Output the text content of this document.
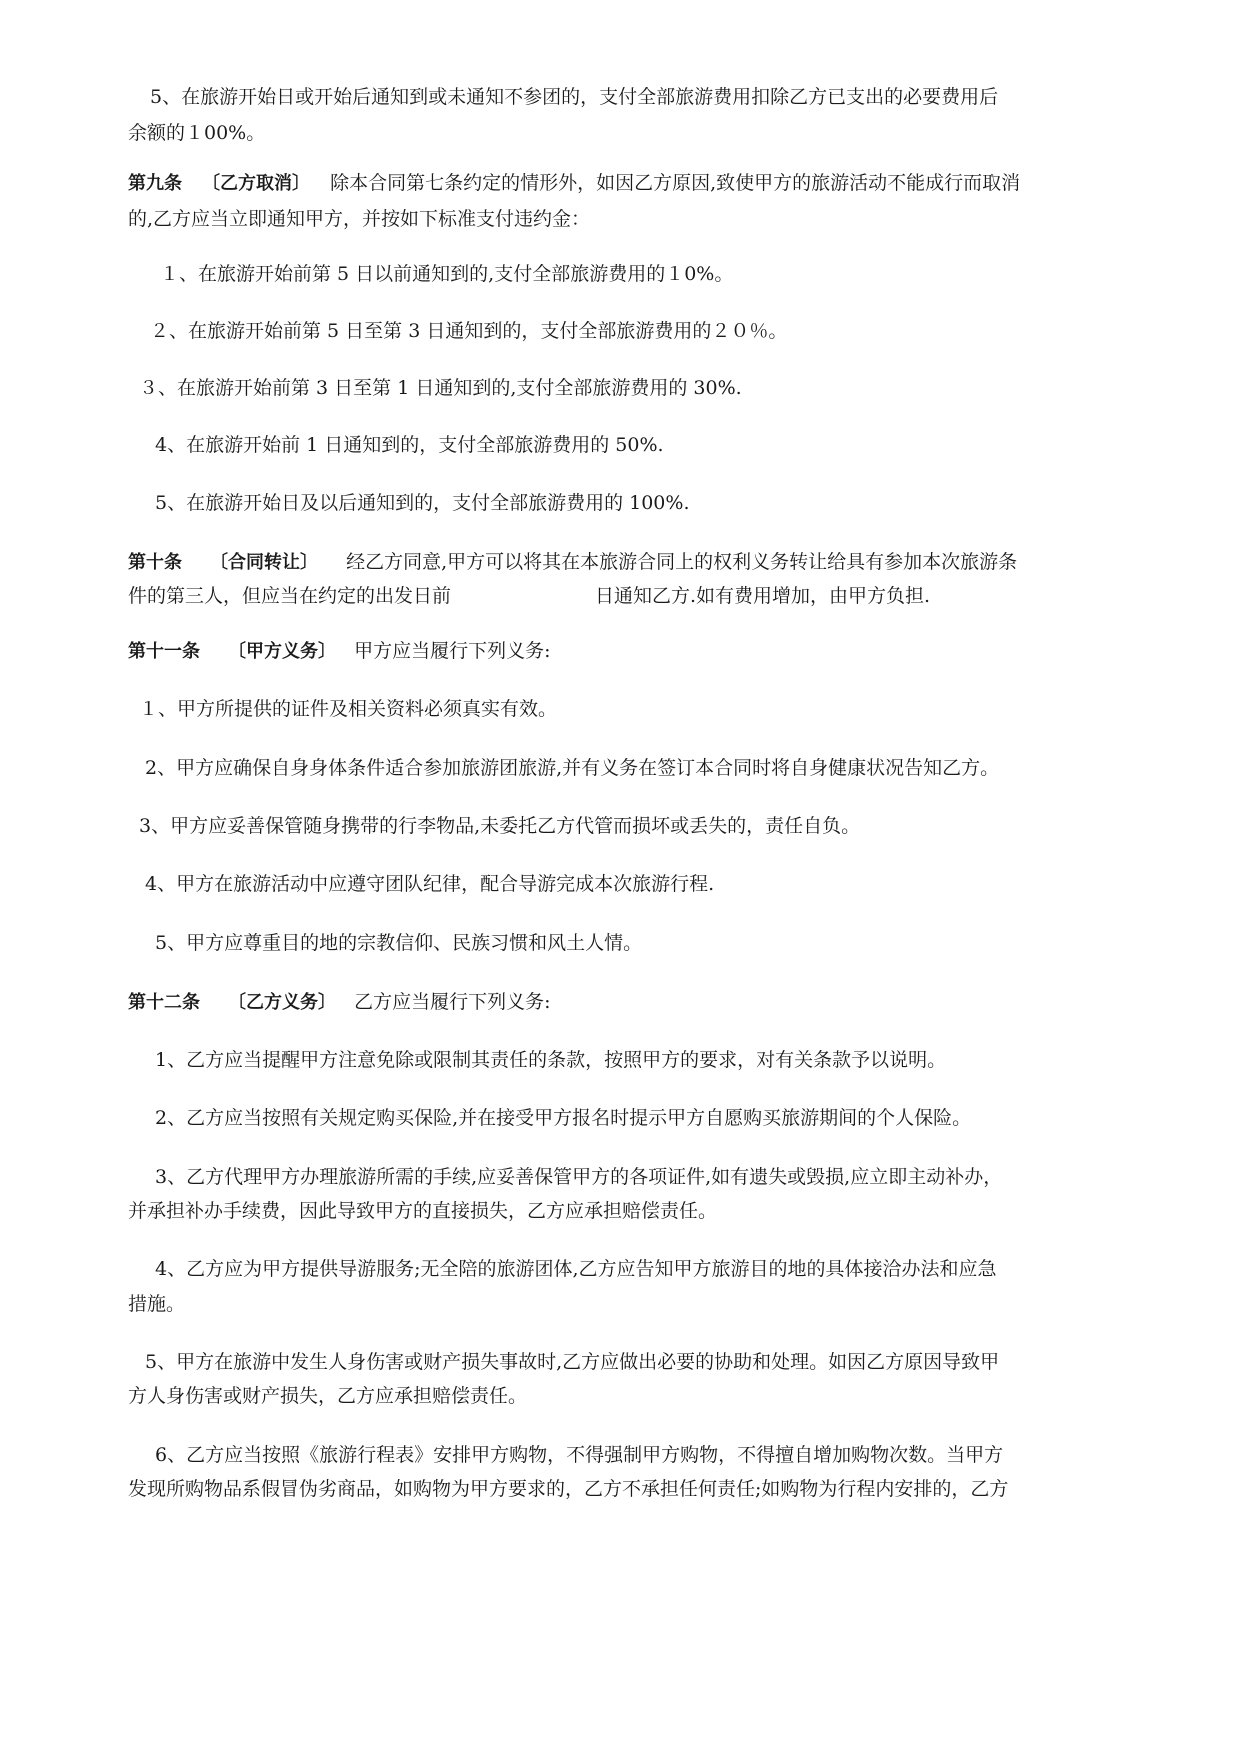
5、在旅游开始日或开始后通知到或未通知不参团的，支付全部旅游费用扣除乙方已支出的必要费用后
余额的１00%。
第九条 〔乙方取消〕 除本合同第七条约定的情形外，如因乙方原因,致使甲方的旅游活动不能成行而取消
的,乙方应当立即通知甲方，并按如下标准支付违约金：
１、在旅游开始前第 5 日以前通知到的,支付全部旅游费用的１0%。
２、在旅游开始前第 5 日至第 3 日通知到的，支付全部旅游费用的２０％。
３、在旅游开始前第 3 日至第 1 日通知到的,支付全部旅游费用的 30%.
4、在旅游开始前 1 日通知到的，支付全部旅游费用的 50%.
5、在旅游开始日及以后通知到的，支付全部旅游费用的 100%.
第十条 〔合同转让〕 经乙方同意,甲方可以将其在本旅游合同上的权利义务转让给具有参加本次旅游条
件的第三人，但应当在约定的出发日前	日通知乙方.如有费用增加，由甲方负担.
第十一条 〔甲方义务〕 甲方应当履行下列义务:
１、甲方所提供的证件及相关资料必须真实有效。
2、甲方应确保自身身体条件适合参加旅游团旅游,并有义务在签订本合同时将自身健康状况告知乙方。
3、甲方应妥善保管随身携带的行李物品,未委托乙方代管而损坏或丢失的，责任自负。
4、甲方在旅游活动中应遵守团队纪律，配合导游完成本次旅游行程.
5、甲方应尊重目的地的宗教信仰、民族习惯和风土人情。
第十二条 〔乙方义务〕 乙方应当履行下列义务:
1、乙方应当提醒甲方注意免除或限制其责任的条款，按照甲方的要求，对有关条款予以说明。
2、乙方应当按照有关规定购买保险,并在接受甲方报名时提示甲方自愿购买旅游期间的个人保险。
3、乙方代理甲方办理旅游所需的手续,应妥善保管甲方的各项证件,如有遗失或毁损,应立即主动补办，
并承担补办手续费，因此导致甲方的直接损失，乙方应承担赔偿责任。
4、乙方应为甲方提供导游服务;无全陪的旅游团体,乙方应告知甲方旅游目的地的具体接洽办法和应急
措施。
5、甲方在旅游中发生人身伤害或财产损失事故时,乙方应做出必要的协助和处理。如因乙方原因导致甲
方人身伤害或财产损失，乙方应承担赔偿责任。
6、乙方应当按照《旅游行程表》安排甲方购物，不得强制甲方购物，不得擅自增加购物次数。当甲方
发现所购物品系假冒伪劣商品，如购物为甲方要求的，乙方不承担任何责任;如购物为行程内安排的，乙方
